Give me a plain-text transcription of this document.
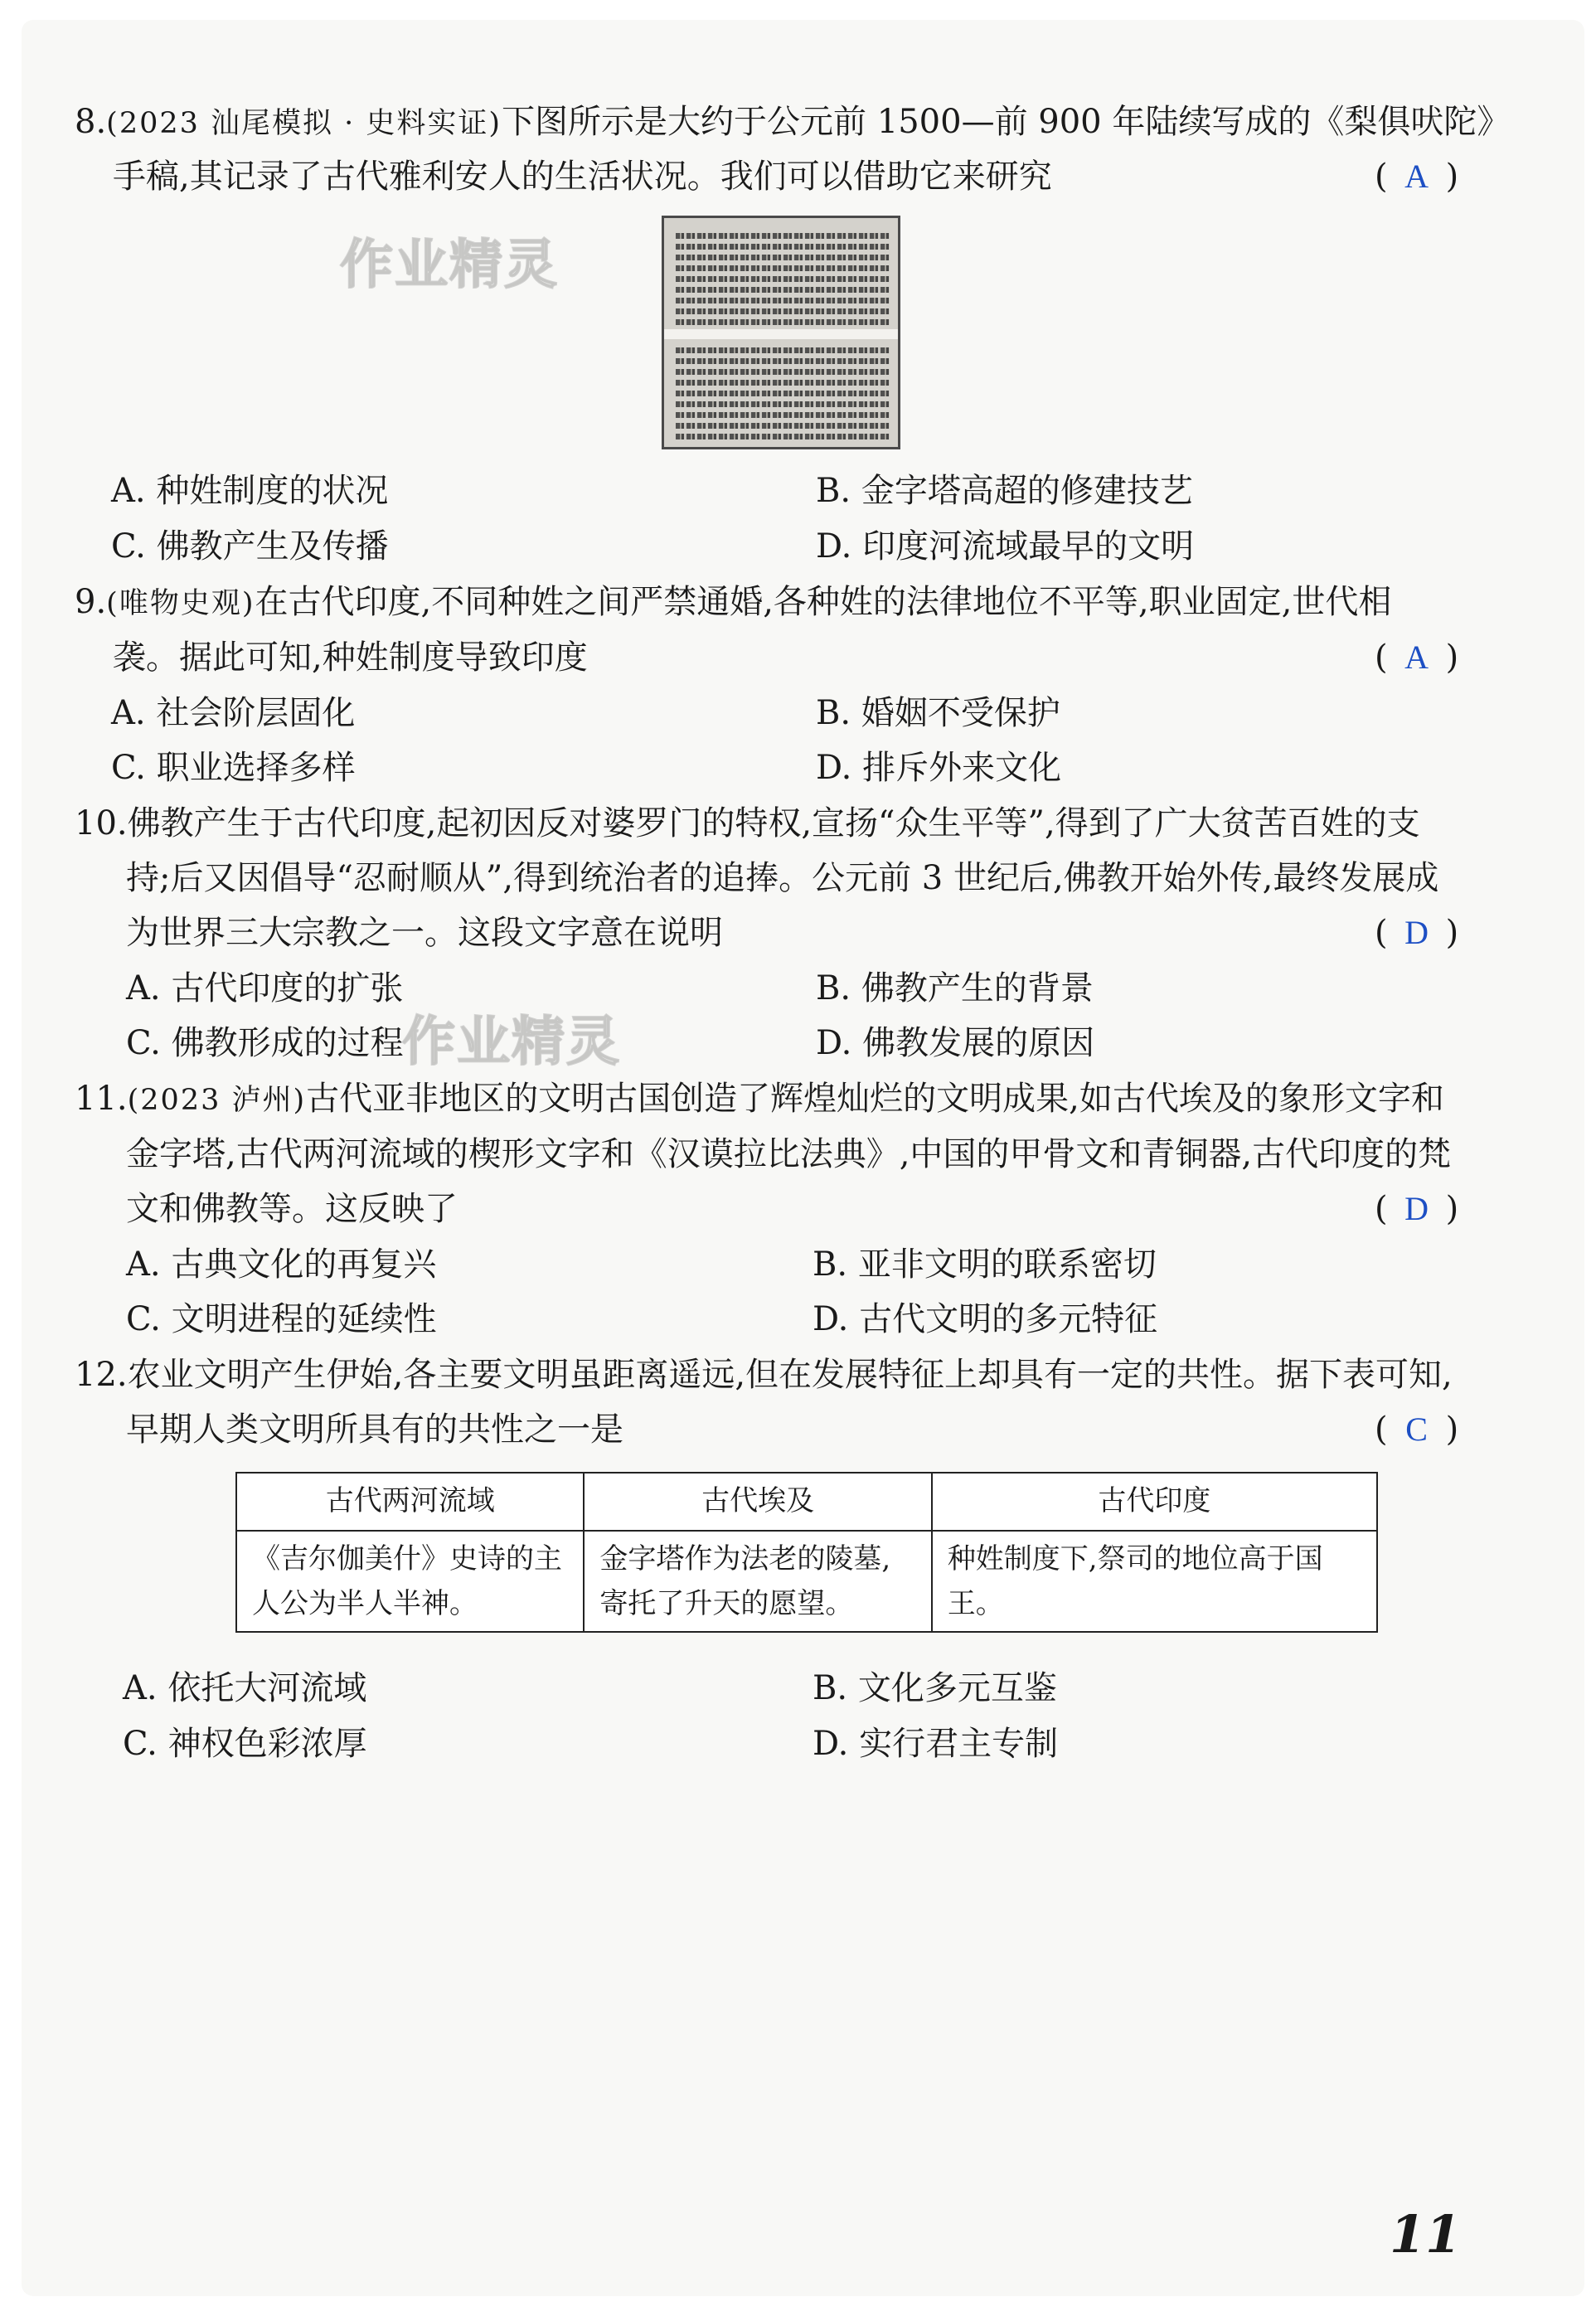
作业精灵
作业精灵
8.(2023 汕尾模拟 · 史料实证)下图所示是大约于公元前 1500—前 900 年陆续写成的《梨俱吠陀》
手稿,其记录了古代雅利安人的生活状况。我们可以借助它来研究	( A )
A. 种姓制度的状况	B. 金字塔高超的修建技艺
C. 佛教产生及传播	D. 印度河流域最早的文明
9.(唯物史观)在古代印度,不同种姓之间严禁通婚,各种姓的法律地位不平等,职业固定,世代相
袭。据此可知,种姓制度导致印度	( A )
A. 社会阶层固化	B. 婚姻不受保护
C. 职业选择多样	D. 排斥外来文化
10.佛教产生于古代印度,起初因反对婆罗门的特权,宣扬“众生平等”,得到了广大贫苦百姓的支
持;后又因倡导“忍耐顺从”,得到统治者的追捧。公元前 3 世纪后,佛教开始外传,最终发展成
为世界三大宗教之一。这段文字意在说明	( D )
A. 古代印度的扩张	B. 佛教产生的背景
C. 佛教形成的过程	D. 佛教发展的原因
11.(2023 泸州)古代亚非地区的文明古国创造了辉煌灿烂的文明成果,如古代埃及的象形文字和
金字塔,古代两河流域的楔形文字和《汉谟拉比法典》,中国的甲骨文和青铜器,古代印度的梵
文和佛教等。这反映了	( D )
A. 古典文化的再复兴	B. 亚非文明的联系密切
C. 文明进程的延续性	D. 古代文明的多元特征
12.农业文明产生伊始,各主要文明虽距离遥远,但在发展特征上却具有一定的共性。据下表可知,
早期人类文明所具有的共性之一是	( C )
古代两河流域	古代埃及	古代印度
《吉尔伽美什》史诗的主人公为半人半神。	金字塔作为法老的陵墓,寄托了升天的愿望。	种姓制度下,祭司的地位高于国王。
A. 依托大河流域	B. 文化多元互鉴
C. 神权色彩浓厚	D. 实行君主专制
11
